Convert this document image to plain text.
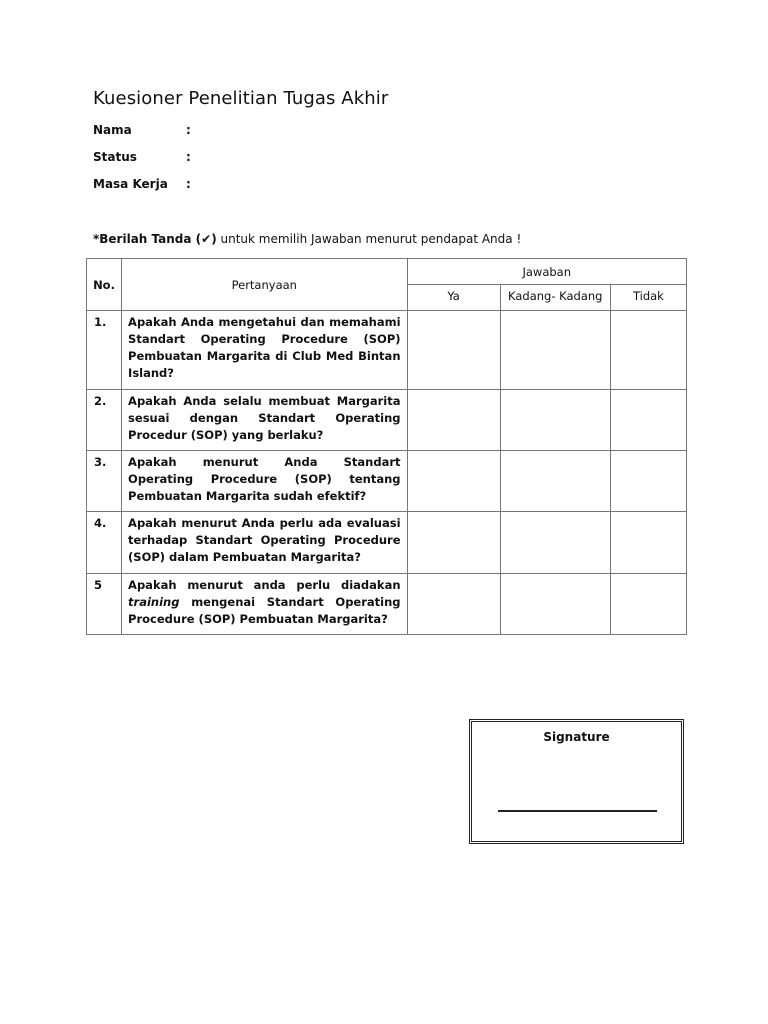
Kuesioner Penelitian Tugas Akhir
Nama	:
Status	:
Masa Kerja :
*Berilah Tanda (✔) untuk memilih Jawaban menurut pendapat Anda !
No.	Pertanyaan	Jawaban		
		Ya	Kadang- Kadang	Tidak
1.	Apakah Anda mengetahui dan memahami Standart Operating Procedure (SOP) Pembuatan Margarita di Club Med Bintan Island?			
2.	Apakah Anda selalu membuat Margarita sesuai dengan Standart Operating Procedur (SOP) yang berlaku?			
3.	Apakah menurut Anda Standart Operating Procedure (SOP) tentang Pembuatan Margarita sudah efektif?			
4.	Apakah menurut Anda perlu ada evaluasi terhadap Standart Operating Procedure (SOP) dalam Pembuatan Margarita?			
5	Apakah menurut anda perlu diadakan training mengenai Standart Operating Procedure (SOP) Pembuatan Margarita?			
Signature
